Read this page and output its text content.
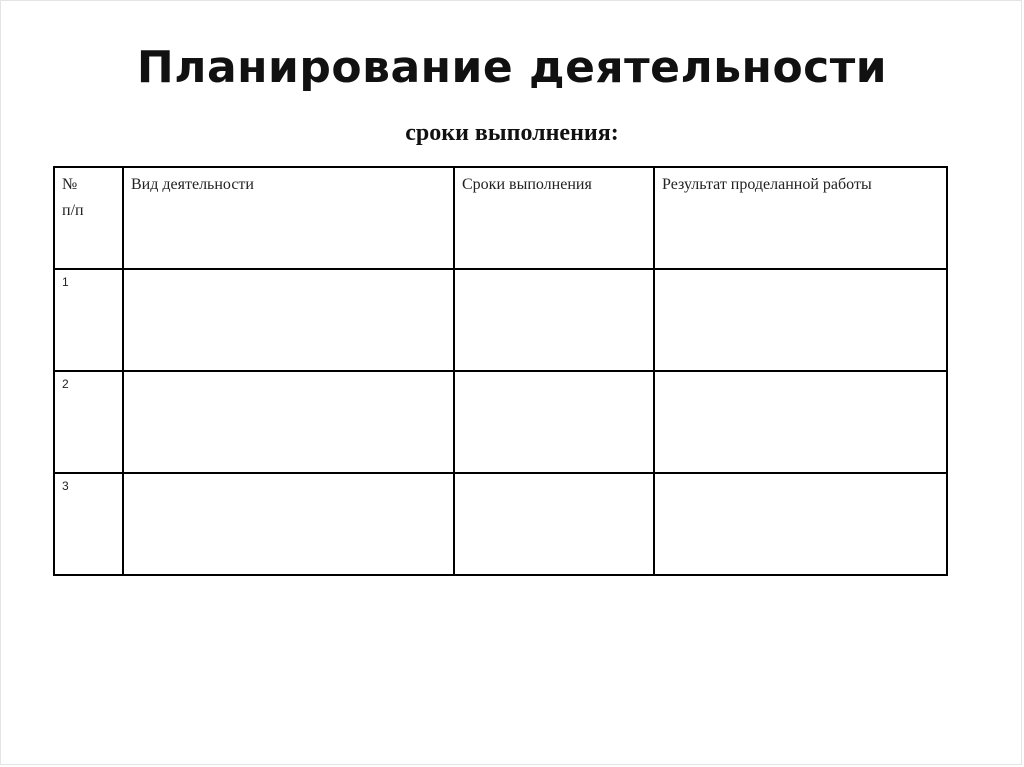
Планирование деятельности
сроки выполнения:
№
п/п	Вид деятельности	Сроки выполнения	Результат проделанной работы

1			

2			

3			
